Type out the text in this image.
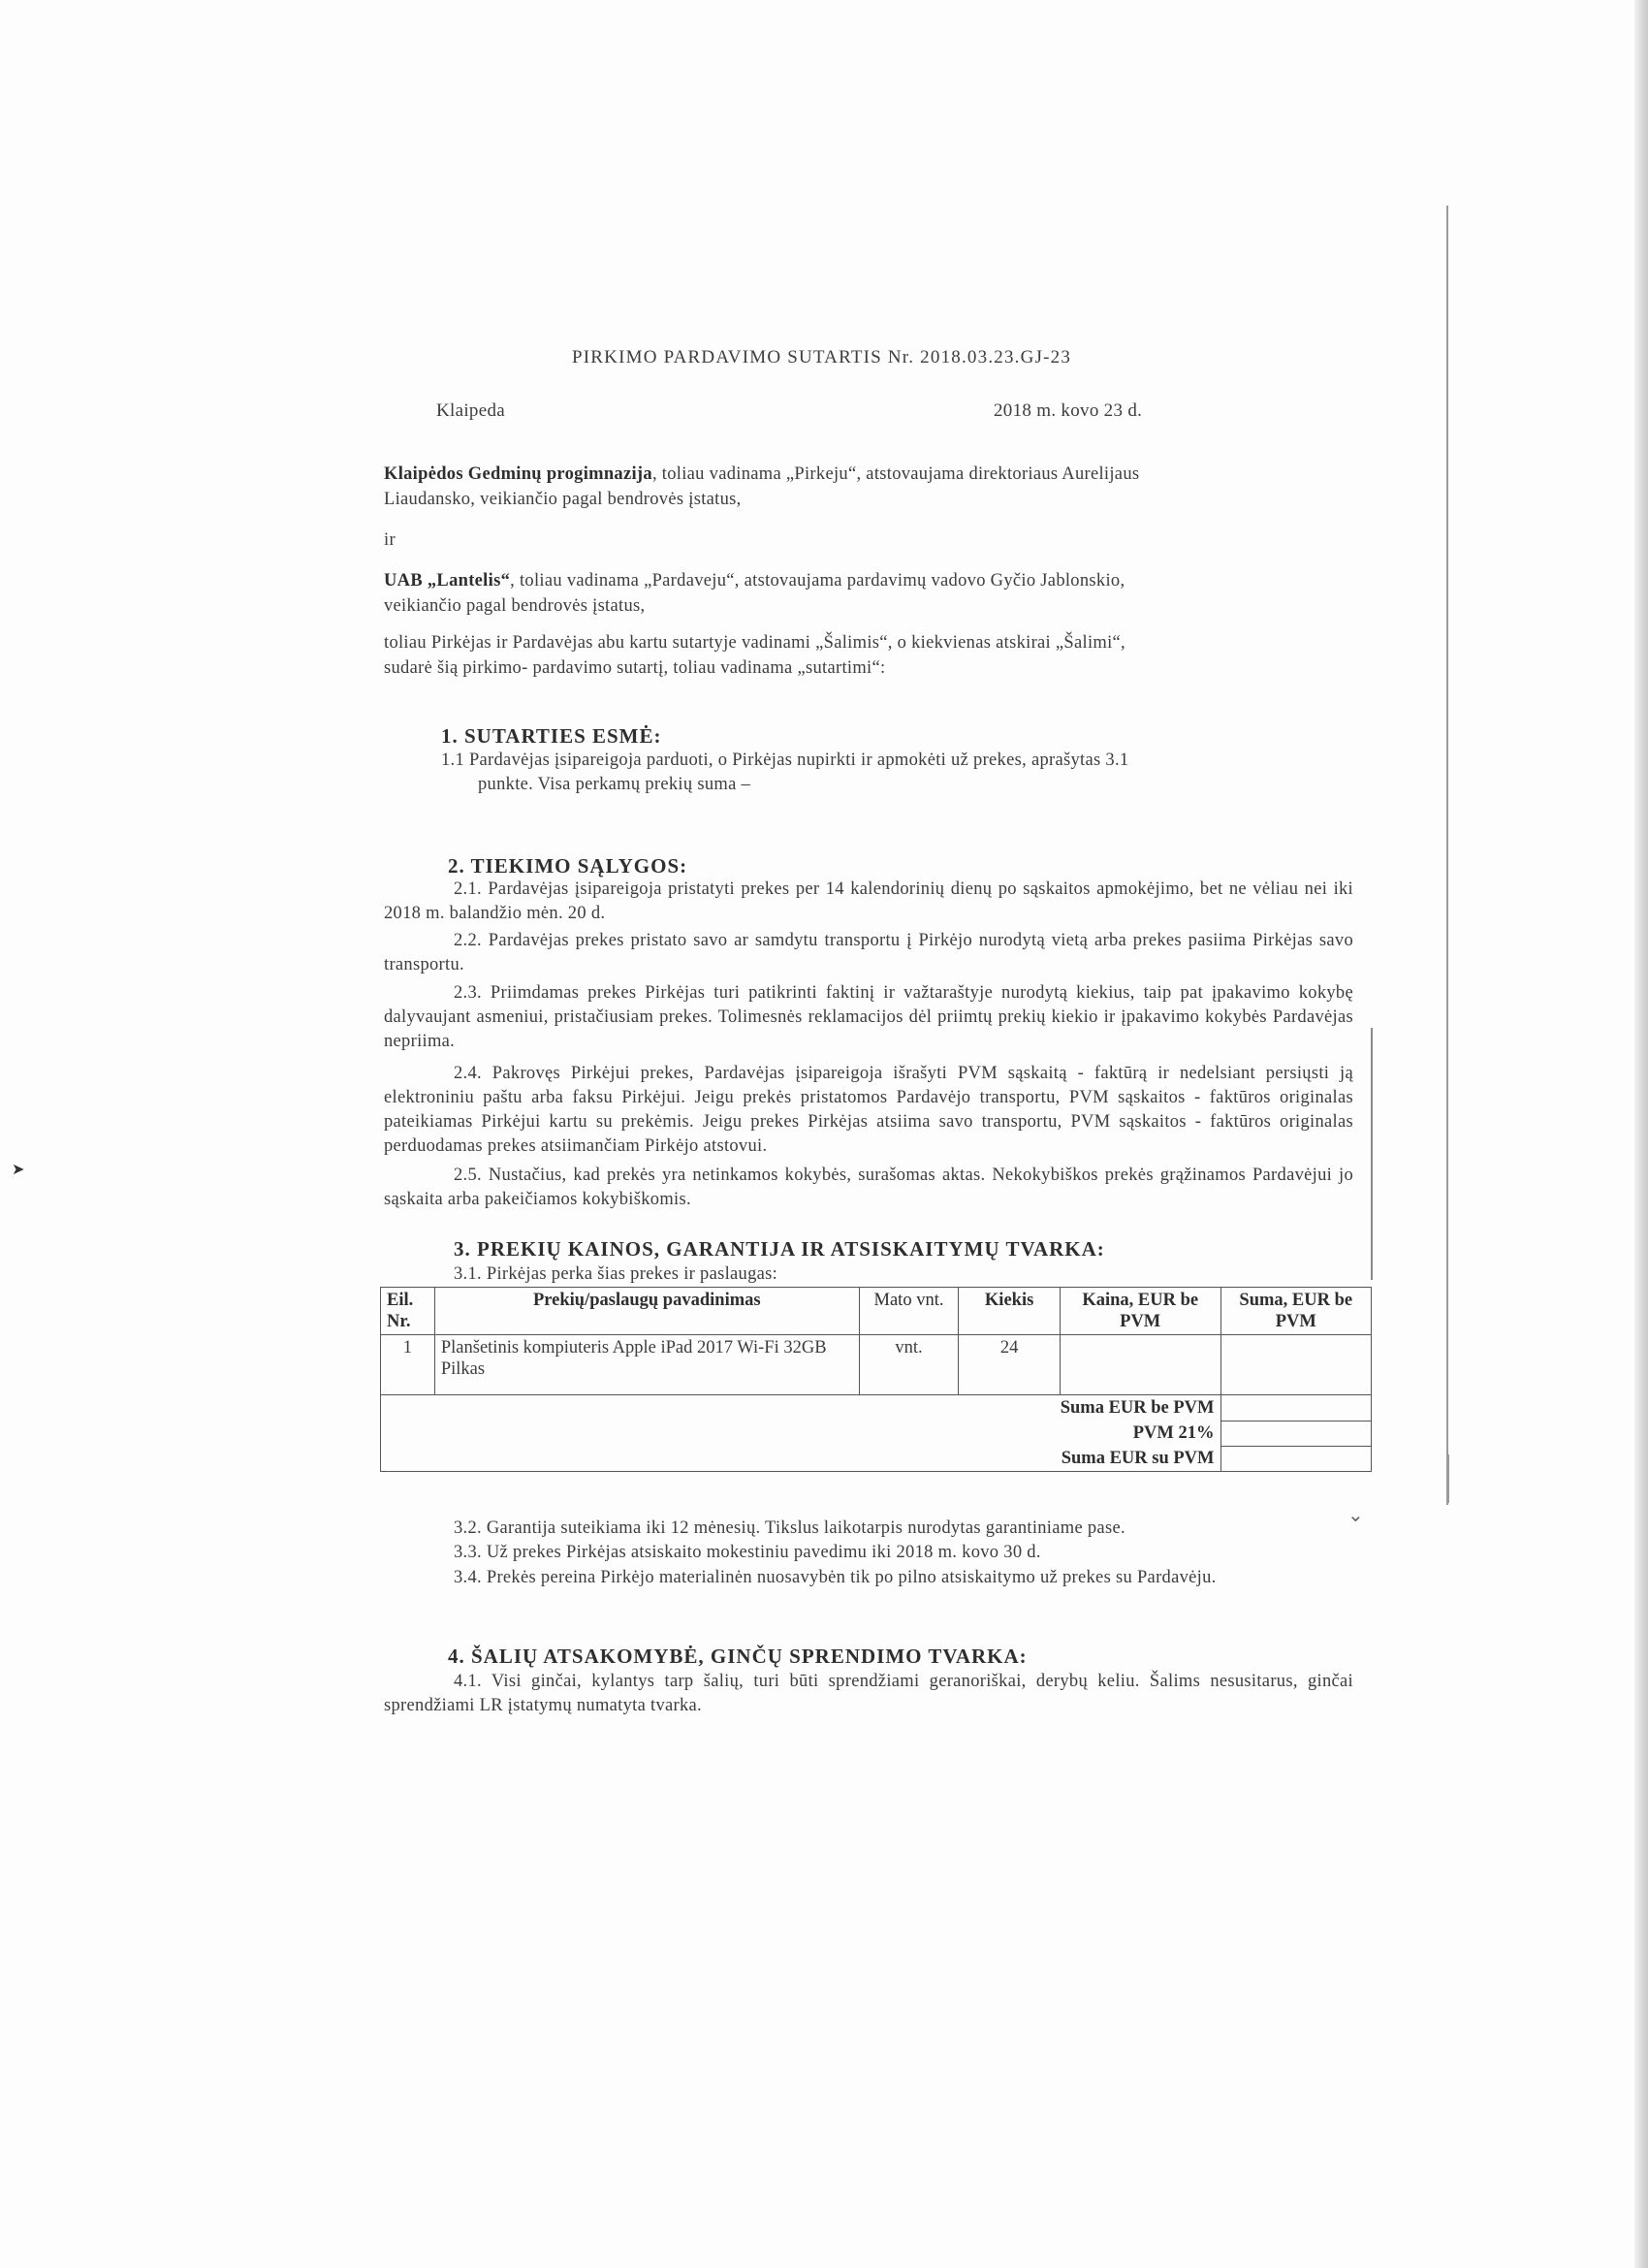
➤
⌄
PIRKIMO PARDAVIMO SUTARTIS Nr. 2018.03.23.GJ-23
Klaipeda	2018 m. kovo 23 d.
Klaipėdos Gedminų progimnazija, toliau vadinama „Pirkeju“, atstovaujama direktoriaus Aurelijaus
Liaudansko, veikiančio pagal bendrovės įstatus,
ir
UAB „Lantelis“, toliau vadinama „Pardaveju“, atstovaujama pardavimų vadovo Gyčio Jablonskio,
veikiančio pagal bendrovės įstatus,
toliau Pirkėjas ir Pardavėjas abu kartu sutartyje vadinami „Šalimis“, o kiekvienas atskirai „Šalimi“,
sudarė šią pirkimo- pardavimo sutartį, toliau vadinama „sutartimi“:
1. SUTARTIES ESMĖ:
1.1 Pardavėjas įsipareigoja parduoti, o Pirkėjas nupirkti ir apmokėti už prekes, aprašytas 3.1
punkte. Visa perkamų prekių suma –
2. TIEKIMO SĄLYGOS:
2.1. Pardavėjas įsipareigoja pristatyti prekes per 14 kalendorinių dienų po sąskaitos apmokėjimo, bet ne vėliau nei iki 2018 m. balandžio mėn. 20 d.
2.2. Pardavėjas prekes pristato savo ar samdytu transportu į Pirkėjo nurodytą vietą arba prekes pasiima Pirkėjas savo transportu.
2.3. Priimdamas prekes Pirkėjas turi patikrinti faktinį ir važtaraštyje nurodytą kiekius, taip pat įpakavimo kokybę dalyvaujant asmeniui, pristačiusiam prekes. Tolimesnės reklamacijos dėl priimtų prekių kiekio ir įpakavimo kokybės Pardavėjas nepriima.
2.4. Pakrovęs Pirkėjui prekes, Pardavėjas įsipareigoja išrašyti PVM sąskaitą - faktūrą ir nedelsiant persiųsti ją elektroniniu paštu arba faksu Pirkėjui. Jeigu prekės pristatomos Pardavėjo transportu, PVM sąskaitos - faktūros originalas pateikiamas Pirkėjui kartu su prekėmis. Jeigu prekes Pirkėjas atsiima savo transportu, PVM sąskaitos - faktūros originalas perduodamas prekes atsiimančiam Pirkėjo atstovui.
2.5. Nustačius, kad prekės yra netinkamos kokybės, surašomas aktas. Nekokybiškos prekės grąžinamos Pardavėjui jo sąskaita arba pakeičiamos kokybiškomis.
3. PREKIŲ KAINOS, GARANTIJA IR ATSISKAITYMŲ TVARKA:
3.1. Pirkėjas perka šias prekes ir paslaugas:
Eil. Nr.	Prekių/paslaugų pavadinimas	Mato vnt.	Kiekis	Kaina, EUR be PVM	Suma, EUR be PVM
1	Planšetinis kompiuteris Apple iPad 2017 Wi-Fi 32GB Pilkas	vnt.	24		
Suma EUR be PVM					
PVM 21%					
Suma EUR su PVM					
3.2. Garantija suteikiama iki 12 mėnesių. Tikslus laikotarpis nurodytas garantiniame pase.
3.3. Už prekes Pirkėjas atsiskaito mokestiniu pavedimu iki 2018 m. kovo 30 d.
3.4. Prekės pereina Pirkėjo materialinėn nuosavybėn tik po pilno atsiskaitymo už prekes su Pardavėju.
4. ŠALIŲ ATSAKOMYBĖ, GINČŲ SPRENDIMO TVARKA:
4.1. Visi ginčai, kylantys tarp šalių, turi būti sprendžiami geranoriškai, derybų keliu. Šalims nesusitarus, ginčai sprendžiami LR įstatymų numatyta tvarka.
